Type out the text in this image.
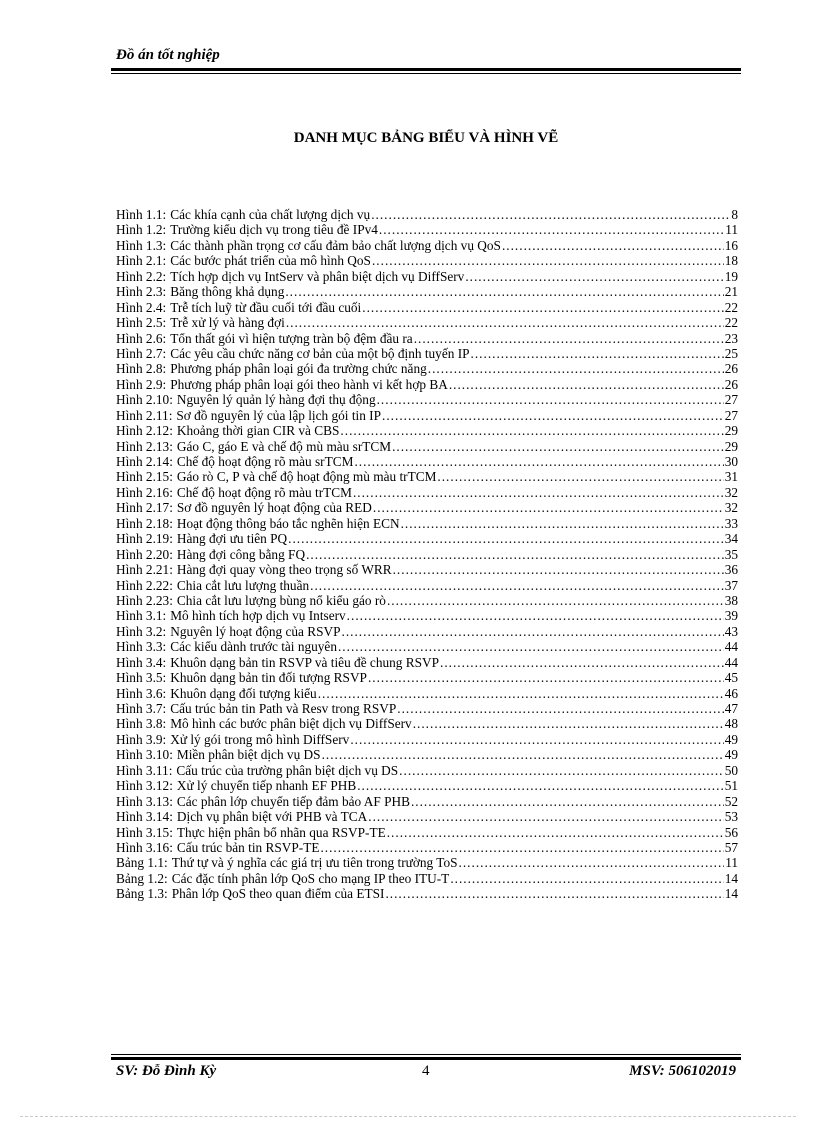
Đồ án tốt nghiệp
DANH MỤC BẢNG BIỂU VÀ HÌNH VẼ
Hình 1.1: Các khía cạnh của chất lượng dịch vụ .....	8
Hình 1.2: Trường kiểu dịch vụ trong tiêu đề IPv4 .....	11
Hình 1.3: Các thành phần trọng cơ cấu đảm bảo chất lượng dịch vụ QoS .....	16
Hình 2.1: Các bước phát triển của mô hình QoS .....	18
Hình 2.2: Tích hợp dịch vụ IntServ và phân biệt dịch vụ DiffServ .....	19
Hình 2.3: Băng thông khả dụng .....	21
Hình 2.4: Trễ tích luỹ từ đầu cuối tới đầu cuối .....	22
Hình 2.5: Trễ xử lý và hàng đợi .....	22
Hình 2.6: Tổn thất gói vì hiện tượng tràn bộ đệm đầu ra .....	23
Hình 2.7: Các yêu cầu chức năng cơ bản của một bộ định tuyến IP .....	25
Hình 2.8: Phương pháp phân loại gói đa trường chức năng .....	26
Hình 2.9: Phương pháp phân loại gói theo hành vi kết hợp BA .....	26
Hình 2.10: Nguyên lý quản lý hàng đợi thụ động .....	27
Hình 2.11: Sơ đồ nguyên lý của lập lịch gói tin IP .....	27
Hình 2.12: Khoảng thời gian CIR và CBS .....	29
Hình 2.13: Gáo C, gáo E và chế độ mù màu srTCM .....	29
Hình 2.14: Chế độ hoạt động rõ màu srTCM .....	30
Hình 2.15: Gáo rò C, P và chế độ hoạt động mù màu trTCM .....	31
Hình 2.16: Chế độ hoạt động rõ màu trTCM .....	32
Hình 2.17: Sơ đồ nguyên lý hoạt động của RED .....	32
Hình 2.18: Hoạt động thông báo tắc nghẽn hiện ECN .....	33
Hình 2.19: Hàng đợi ưu tiên PQ .....	34
Hình 2.20: Hàng đợi công bằng FQ .....	35
Hình 2.21: Hàng đợi quay vòng theo trọng số WRR .....	36
Hình 2.22: Chia cắt lưu lượng thuần .....	37
Hình 2.23: Chia cắt lưu lượng bùng nổ kiểu gáo rò .....	38
Hình 3.1: Mô hình tích hợp dịch vụ Intserv .....	39
Hình 3.2: Nguyên lý hoạt động của RSVP .....	43
Hình 3.3: Các kiểu dành trước tài nguyên .....	44
Hình 3.4: Khuôn dạng bản tin RSVP và tiêu đề chung RSVP .....	44
Hình 3.5: Khuôn dạng bản tin đối tượng RSVP .....	45
Hình 3.6: Khuôn dạng đối tượng kiểu .....	46
Hình 3.7: Cấu trúc bản tin Path và Resv trong RSVP .....	47
Hình 3.8: Mô hình các bước phân biệt dịch vụ DiffServ .....	48
Hình 3.9: Xử lý gói trong mô hình DiffServ .....	49
Hình 3.10: Miền phân biệt dịch vụ DS .....	49
Hình 3.11: Cấu trúc của trường phân biệt dịch vụ DS .....	50
Hình 3.12: Xử lý chuyển tiếp nhanh EF PHB .....	51
Hình 3.13: Các phân lớp chuyển tiếp đảm bảo AF PHB .....	52
Hình 3.14: Dịch vụ phân biệt với PHB và TCA .....	53
Hình 3.15: Thực hiện phân bổ nhãn qua RSVP-TE .....	56
Hình 3.16: Cấu trúc bản tin RSVP-TE .....	57
Bảng 1.1: Thứ tự và ý nghĩa các giá trị ưu tiên trong trường ToS .....	11
Bảng 1.2: Các đặc tính phân lớp QoS cho mạng IP theo ITU-T .....	14
Bảng 1.3: Phân lớp QoS theo quan điểm của ETSI .....	14
SV: Đỗ Đình Kỳ	4	MSV: 506102019
